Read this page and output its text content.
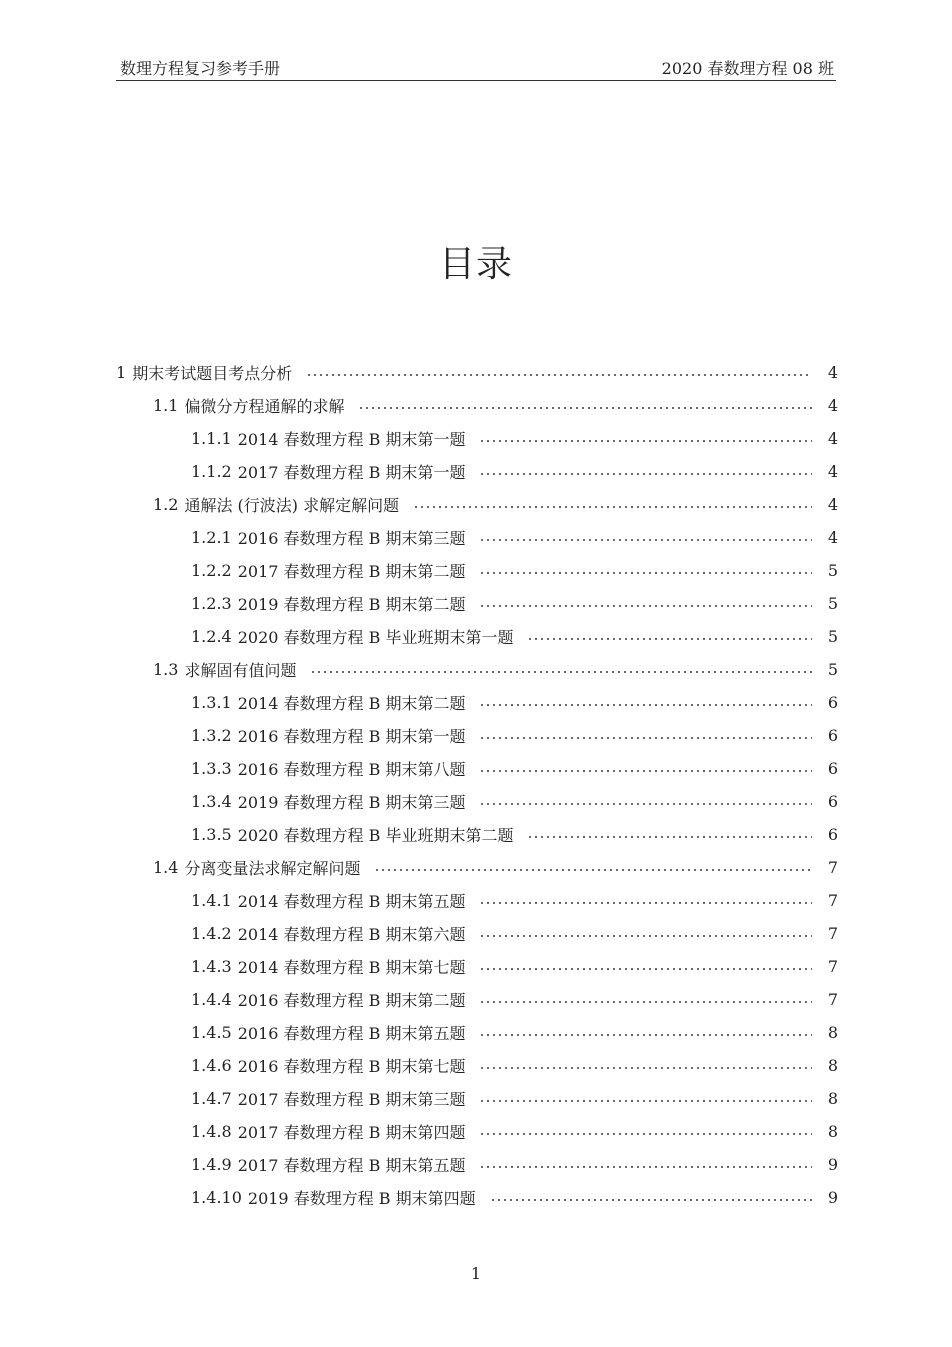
数理方程复习参考手册	2020 春数理方程 08 班
目录
1 期末考试题目考点分析	4
1.1 偏微分方程通解的求解	4
1.1.1 2014 春数理方程 B 期末第一题	4
1.1.2 2017 春数理方程 B 期末第一题	4
1.2 通解法 (行波法) 求解定解问题	4
1.2.1 2016 春数理方程 B 期末第三题	4
1.2.2 2017 春数理方程 B 期末第二题	5
1.2.3 2019 春数理方程 B 期末第二题	5
1.2.4 2020 春数理方程 B 毕业班期末第一题	5
1.3 求解固有值问题	5
1.3.1 2014 春数理方程 B 期末第二题	6
1.3.2 2016 春数理方程 B 期末第一题	6
1.3.3 2016 春数理方程 B 期末第八题	6
1.3.4 2019 春数理方程 B 期末第三题	6
1.3.5 2020 春数理方程 B 毕业班期末第二题	6
1.4 分离变量法求解定解问题	7
1.4.1 2014 春数理方程 B 期末第五题	7
1.4.2 2014 春数理方程 B 期末第六题	7
1.4.3 2014 春数理方程 B 期末第七题	7
1.4.4 2016 春数理方程 B 期末第二题	7
1.4.5 2016 春数理方程 B 期末第五题	8
1.4.6 2016 春数理方程 B 期末第七题	8
1.4.7 2017 春数理方程 B 期末第三题	8
1.4.8 2017 春数理方程 B 期末第四题	8
1.4.9 2017 春数理方程 B 期末第五题	9
1.4.10 2019 春数理方程 B 期末第四题	9
1
